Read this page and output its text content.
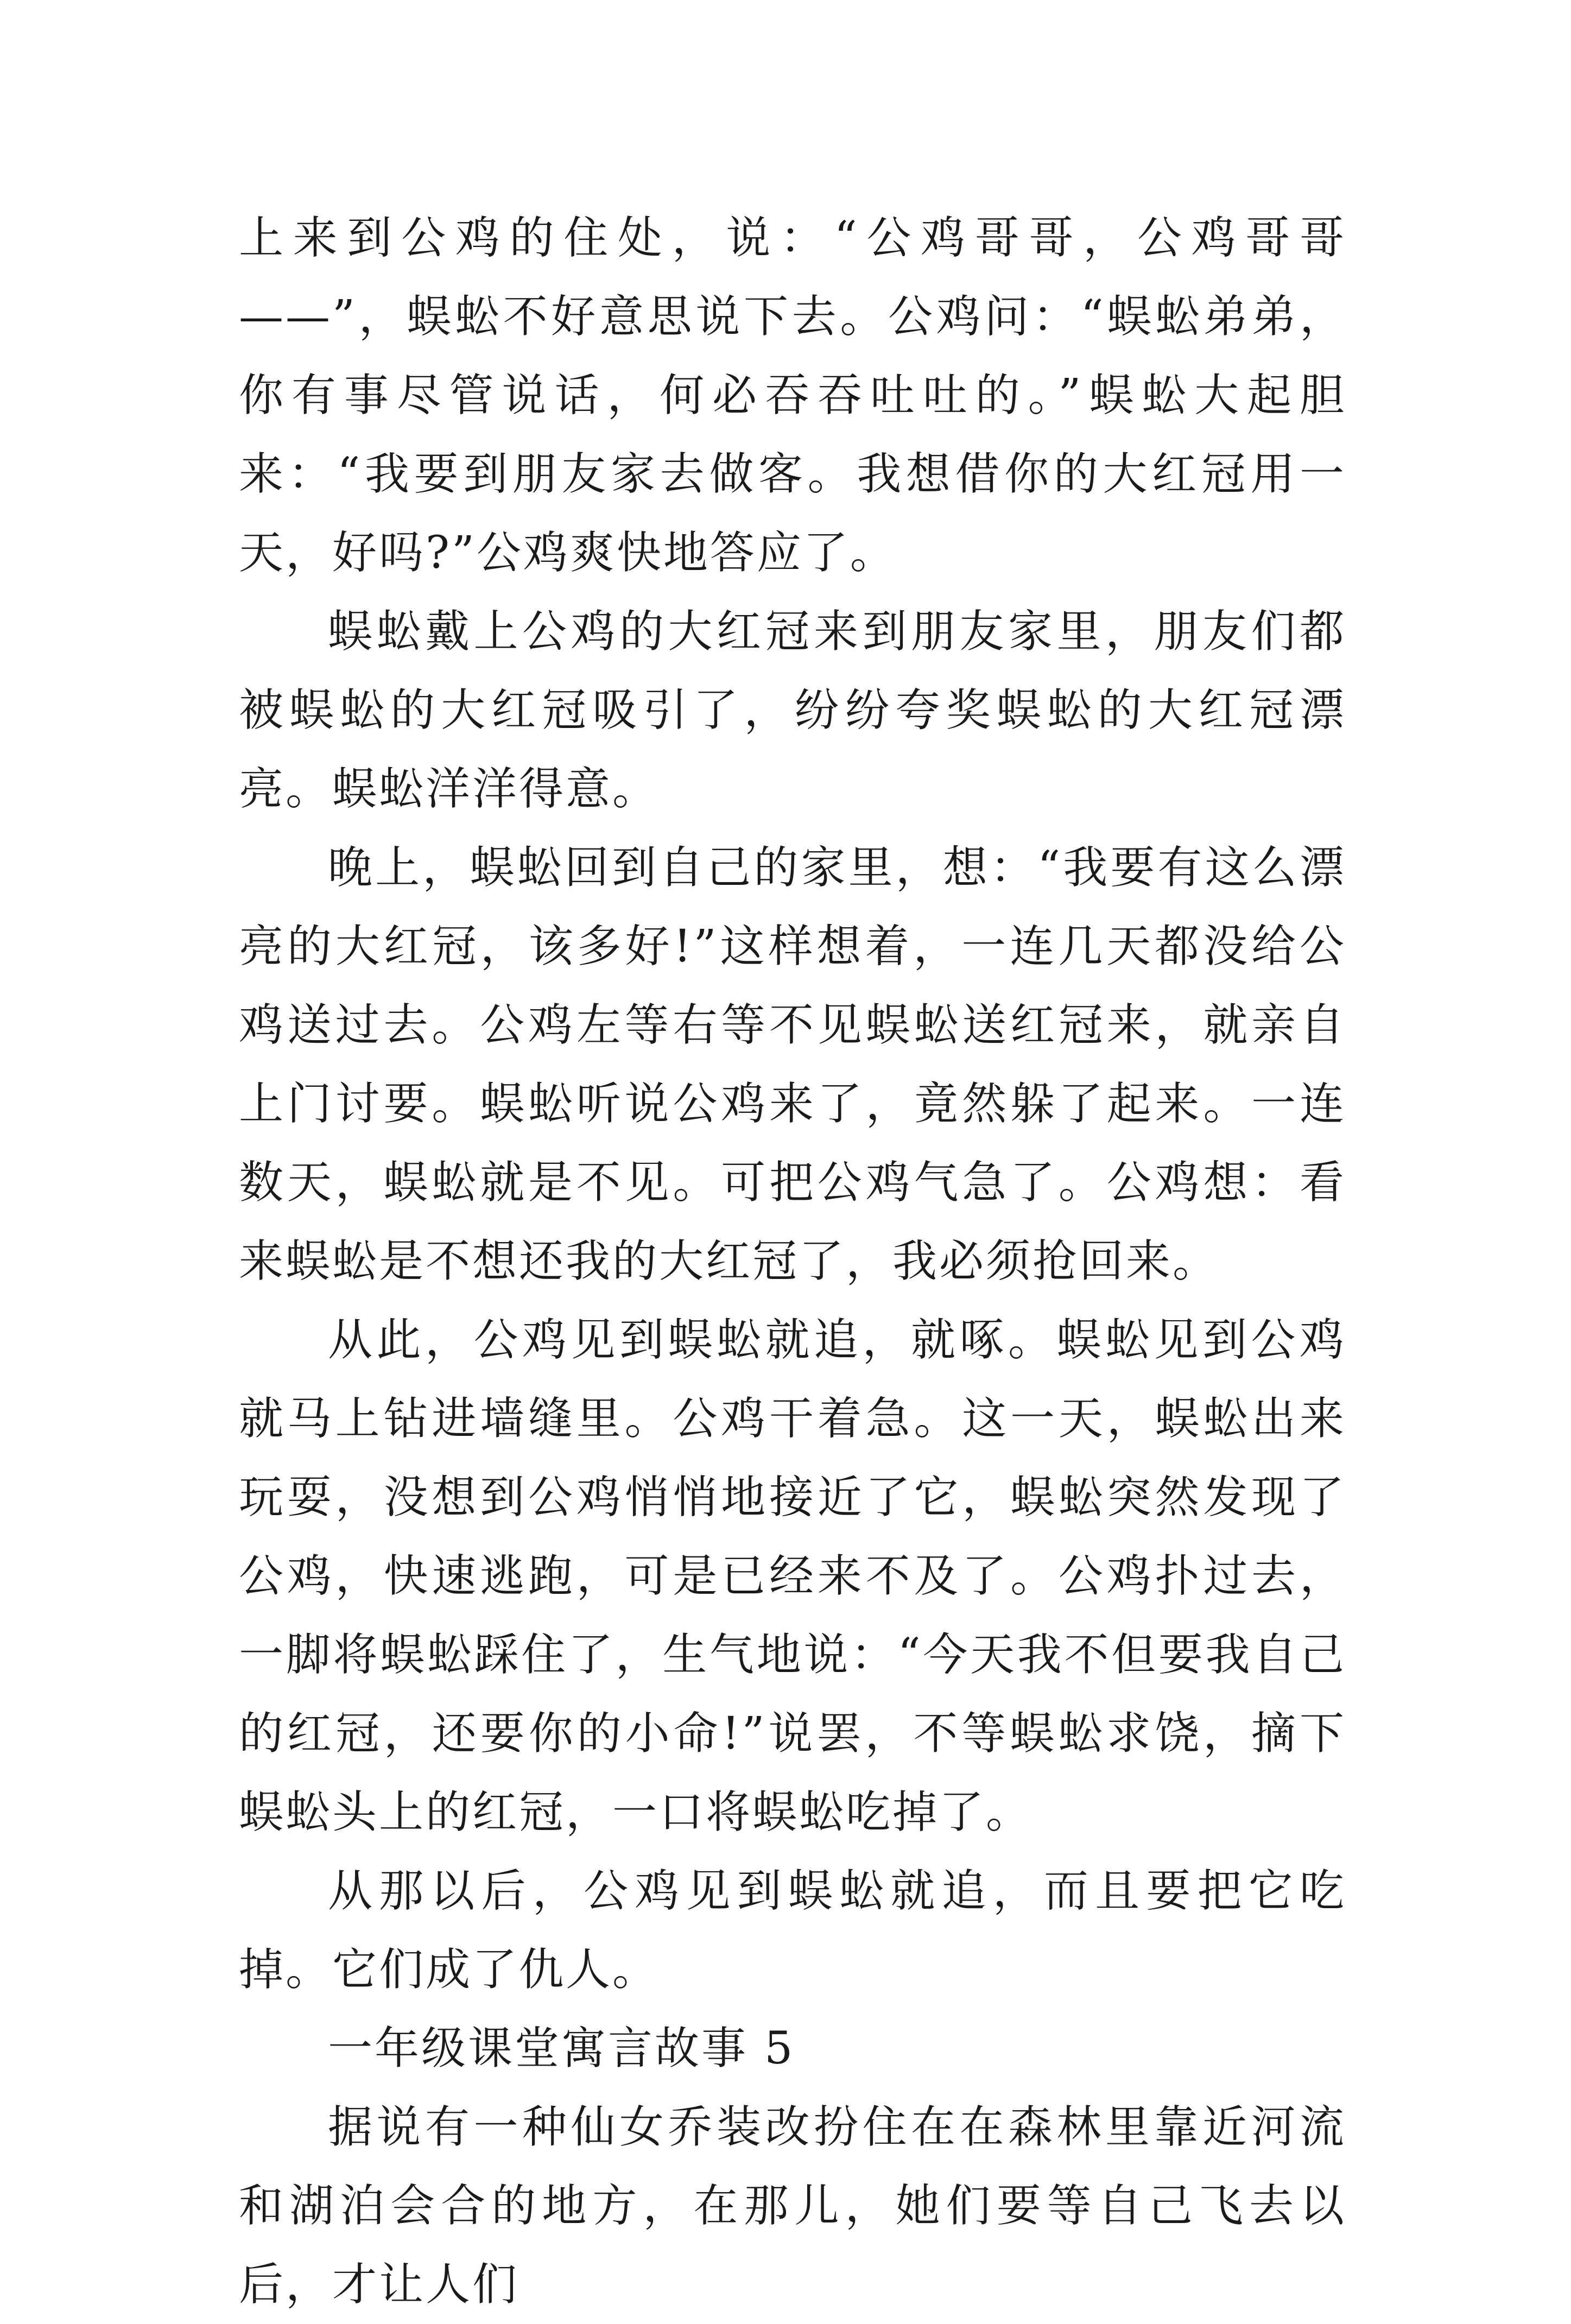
上来到公鸡的住处，说：“公鸡哥哥，公鸡哥哥——”，蜈蚣不好意思说下去。公鸡问：“蜈蚣弟弟，你有事尽管说话，何必吞吞吐吐的。”蜈蚣大起胆来：“我要到朋友家去做客。我想借你的大红冠用一天，好吗?”公鸡爽快地答应了。

蜈蚣戴上公鸡的大红冠来到朋友家里，朋友们都被蜈蚣的大红冠吸引了，纷纷夸奖蜈蚣的大红冠漂亮。蜈蚣洋洋得意。

晚上，蜈蚣回到自己的家里，想：“我要有这么漂亮的大红冠，该多好!”这样想着，一连几天都没给公鸡送过去。公鸡左等右等不见蜈蚣送红冠来，就亲自上门讨要。蜈蚣听说公鸡来了，竟然躲了起来。一连数天，蜈蚣就是不见。可把公鸡气急了。公鸡想：看来蜈蚣是不想还我的大红冠了，我必须抢回来。

从此，公鸡见到蜈蚣就追，就啄。蜈蚣见到公鸡就马上钻进墙缝里。公鸡干着急。这一天，蜈蚣出来玩耍，没想到公鸡悄悄地接近了它，蜈蚣突然发现了公鸡，快速逃跑，可是已经来不及了。公鸡扑过去，一脚将蜈蚣踩住了，生气地说：“今天我不但要我自己的红冠，还要你的小命!”说罢，不等蜈蚣求饶，摘下蜈蚣头上的红冠，一口将蜈蚣吃掉了。

从那以后，公鸡见到蜈蚣就追，而且要把它吃掉。它们成了仇人。

一年级课堂寓言故事 5

据说有一种仙女乔装改扮住在在森林里靠近河流和湖泊会合的地方，在那儿，她们要等自己飞去以后，才让人们
